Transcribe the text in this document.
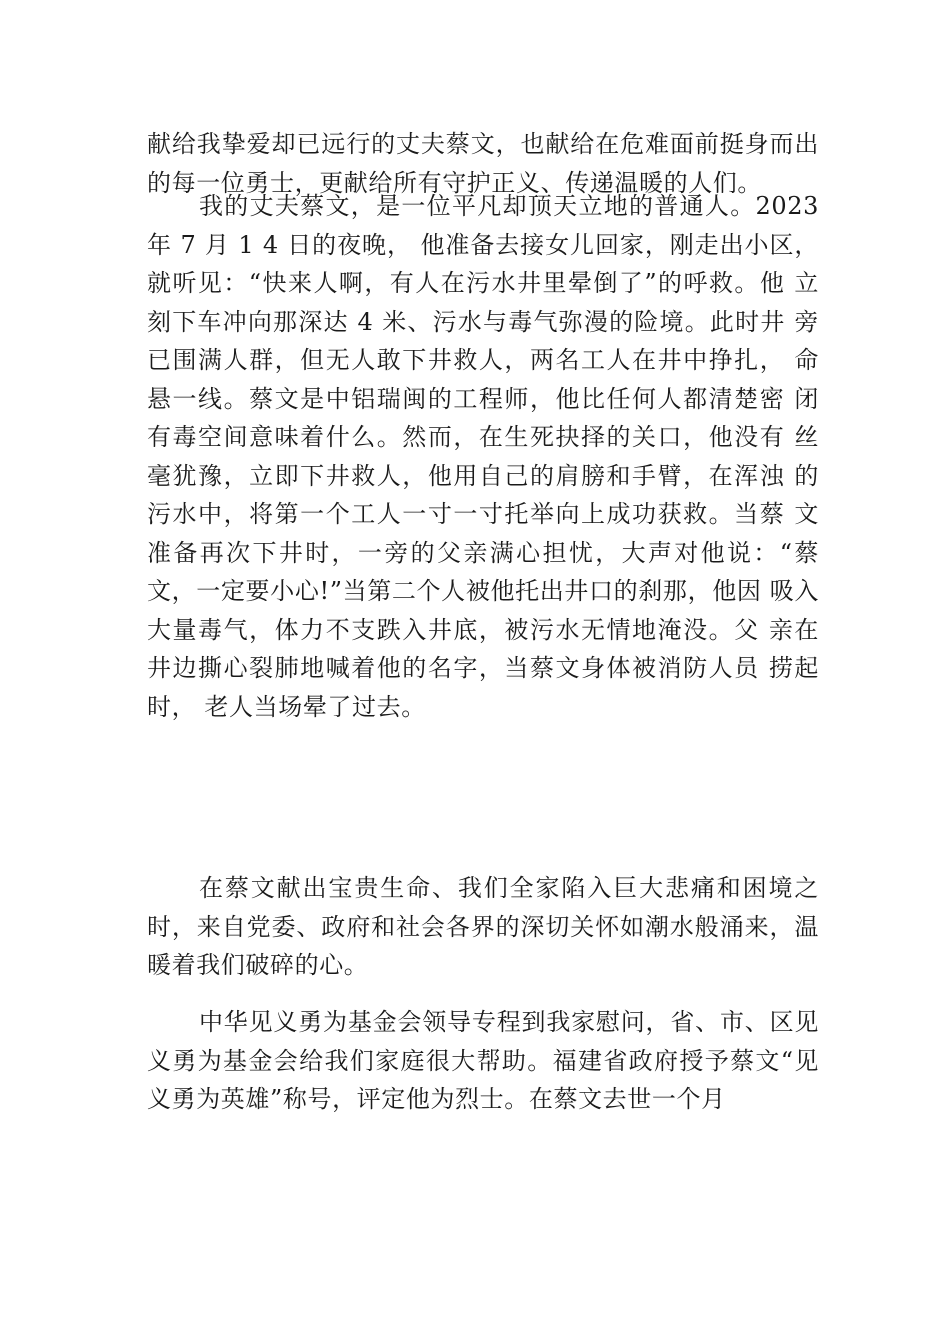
献给我挚爱却已远行的丈夫蔡文，也献给在危难面前挺身而出的每一位勇士，更献给所有守护正义、传递温暖的人们。

我的丈夫蔡文，是一位平凡却顶天立地的普通人。2023 年 7 月 1 4 日的夜晚， 他准备去接女儿回家，刚走出小区， 就听见：“快来人啊，有人在污水井里晕倒了”的呼救。他 立刻下车冲向那深达 4 米、污水与毒气弥漫的险境。此时井 旁已围满人群，但无人敢下井救人，两名工人在井中挣扎， 命悬一线。蔡文是中铝瑞闽的工程师，他比任何人都清楚密 闭有毒空间意味着什么。然而，在生死抉择的关口，他没有 丝毫犹豫，立即下井救人，他用自己的肩膀和手臂，在浑浊 的污水中，将第一个工人一寸一寸托举向上成功获救。当蔡 文准备再次下井时，一旁的父亲满心担忧，大声对他说：“蔡 文，一定要小心!”当第二个人被他托出井口的刹那，他因 吸入大量毒气，体力不支跌入井底，被污水无情地淹没。父 亲在井边撕心裂肺地喊着他的名字，当蔡文身体被消防人员 捞起时， 老人当场晕了过去。

在蔡文献出宝贵生命、我们全家陷入巨大悲痛和困境之时，来自党委、政府和社会各界的深切关怀如潮水般涌来，温暖着我们破碎的心。

中华见义勇为基金会领导专程到我家慰问，省、市、区见义勇为基金会给我们家庭很大帮助。福建省政府授予蔡文“见义勇为英雄”称号，评定他为烈士。在蔡文去世一个月
